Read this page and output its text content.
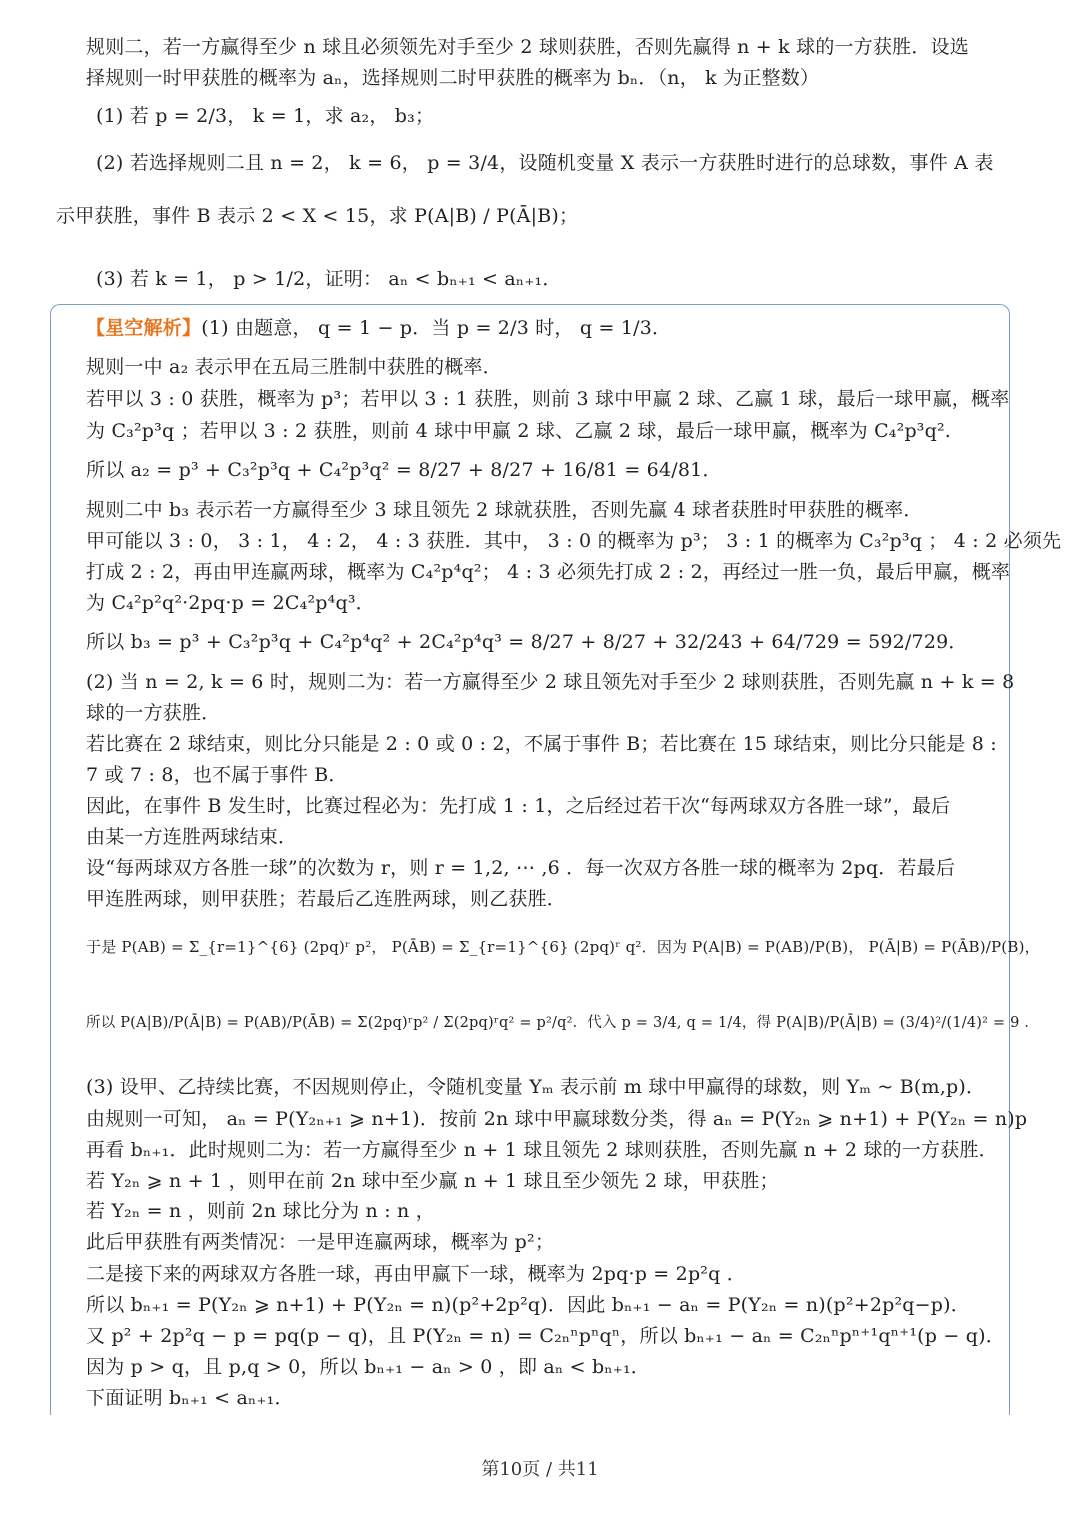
规则二，若一方赢得至少 n 球且必须领先对手至少 2 球则获胜，否则先赢得 n + k 球的一方获胜．设选
择规则一时甲获胜的概率为 aₙ，选择规则二时甲获胜的概率为 bₙ．（n， k 为正整数）
(1) 若 p = 2/3， k = 1，求 a₂， b₃；
(2) 若选择规则二且 n = 2， k = 6， p = 3/4，设随机变量 X 表示一方获胜时进行的总球数，事件 A 表
示甲获胜，事件 B 表示 2 < X < 15，求 P(A|B) / P(Ā|B)；
(3) 若 k = 1， p > 1/2，证明： aₙ < bₙ₊₁ < aₙ₊₁．
【星空解析】(1) 由题意， q = 1 − p．当 p = 2/3 时， q = 1/3．
规则一中 a₂ 表示甲在五局三胜制中获胜的概率．
若甲以 3 : 0 获胜，概率为 p³；若甲以 3 : 1 获胜，则前 3 球中甲赢 2 球、乙赢 1 球，最后一球甲赢，概率
为 C₃²p³q ；若甲以 3 : 2 获胜，则前 4 球中甲赢 2 球、乙赢 2 球，最后一球甲赢，概率为 C₄²p³q².
所以 a₂ = p³ + C₃²p³q + C₄²p³q² = 8/27 + 8/27 + 16/81 = 64/81．
规则二中 b₃ 表示若一方赢得至少 3 球且领先 2 球就获胜，否则先赢 4 球者获胜时甲获胜的概率．
甲可能以 3 : 0， 3 : 1， 4 : 2， 4 : 3 获胜．其中， 3 : 0 的概率为 p³； 3 : 1 的概率为 C₃²p³q ； 4 : 2 必须先
打成 2 : 2，再由甲连赢两球，概率为 C₄²p⁴q²； 4 : 3 必须先打成 2 : 2，再经过一胜一负，最后甲赢，概率
为 C₄²p²q²·2pq·p = 2C₄²p⁴q³．
所以 b₃ = p³ + C₃²p³q + C₄²p⁴q² + 2C₄²p⁴q³ = 8/27 + 8/27 + 32/243 + 64/729 = 592/729．
(2) 当 n = 2, k = 6 时，规则二为：若一方赢得至少 2 球且领先对手至少 2 球则获胜，否则先赢 n + k = 8
球的一方获胜．
若比赛在 2 球结束，则比分只能是 2 : 0 或 0 : 2，不属于事件 B；若比赛在 15 球结束，则比分只能是 8 :
7 或 7 : 8，也不属于事件 B．
因此，在事件 B 发生时，比赛过程必为：先打成 1 : 1，之后经过若干次“每两球双方各胜一球”，最后
由某一方连胜两球结束．
设“每两球双方各胜一球”的次数为 r，则 r = 1,2, ⋯ ,6 ．每一次双方各胜一球的概率为 2pq．若最后
甲连胜两球，则甲获胜；若最后乙连胜两球，则乙获胜．
于是 P(AB) = Σ_{r=1}^{6} (2pq)ʳ p²， P(ĀB) = Σ_{r=1}^{6} (2pq)ʳ q²．因为 P(A|B) = P(AB)/P(B)， P(Ā|B) = P(ĀB)/P(B)，
所以 P(A|B)/P(Ā|B) = P(AB)/P(ĀB) = Σ(2pq)ʳp² / Σ(2pq)ʳq² = p²/q²．代入 p = 3/4, q = 1/4，得 P(A|B)/P(Ā|B) = (3/4)²/(1/4)² = 9 ．
(3) 设甲、乙持续比赛，不因规则停止，令随机变量 Yₘ 表示前 m 球中甲赢得的球数，则 Yₘ ~ B(m,p)．
由规则一可知， aₙ = P(Y₂ₙ₊₁ ⩾ n+1)．按前 2n 球中甲赢球数分类，得 aₙ = P(Y₂ₙ ⩾ n+1) + P(Y₂ₙ = n)p
再看 bₙ₊₁．此时规则二为：若一方赢得至少 n + 1 球且领先 2 球则获胜，否则先赢 n + 2 球的一方获胜．
若 Y₂ₙ ⩾ n + 1 ，则甲在前 2n 球中至少赢 n + 1 球且至少领先 2 球，甲获胜；
若 Y₂ₙ = n ，则前 2n 球比分为 n : n ，
此后甲获胜有两类情况：一是甲连赢两球，概率为 p²；
二是接下来的两球双方各胜一球，再由甲赢下一球，概率为 2pq·p = 2p²q ．
所以 bₙ₊₁ = P(Y₂ₙ ⩾ n+1) + P(Y₂ₙ = n)(p²+2p²q)．因此 bₙ₊₁ − aₙ = P(Y₂ₙ = n)(p²+2p²q−p)．
又 p² + 2p²q − p = pq(p − q)，且 P(Y₂ₙ = n) = C₂ₙⁿpⁿqⁿ，所以 bₙ₊₁ − aₙ = C₂ₙⁿpⁿ⁺¹qⁿ⁺¹(p − q)．
因为 p > q，且 p,q > 0，所以 bₙ₊₁ − aₙ > 0 ，即 aₙ < bₙ₊₁．
下面证明 bₙ₊₁ < aₙ₊₁．
第10页 / 共11
